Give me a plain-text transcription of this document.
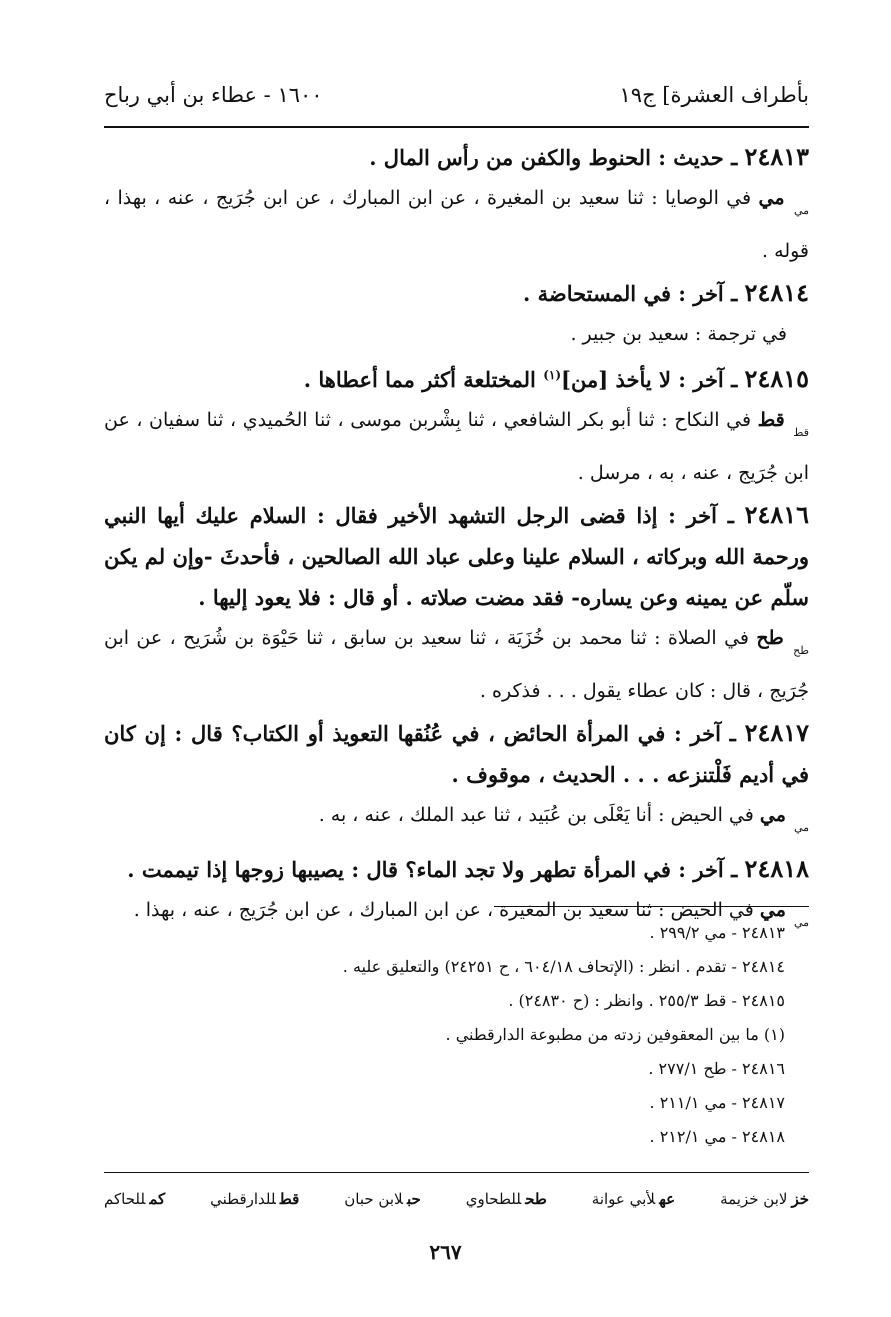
بأطراف العشرة] ج١٩
١٦٠٠ - عطاء بن أبي رباح

٢٤٨١٣ ـ حديث : الحنوط والكفن من رأس المال .

$_{مي}$ مي في الوصايا : ثنا سعيد بن المغيرة ، عن ابن المبارك ، عن ابن جُرَيج ، عنه ، بهذا ، قوله .

٢٤٨١٤ ـ آخر : في المستحاضة .

في ترجمة : سعيد بن جبير .

٢٤٨١٥ ـ آخر : لا يأخذ [من]$^{(١)}$ المختلعة أكثر مما أعطاها .

$_{قط}$ قط في النكاح : ثنا أبو بكر الشافعي ، ثنا بِشْربن موسى ، ثنا الحُميدي ، ثنا سفيان ، عن ابن جُرَيج ، عنه ، به ، مرسل .

٢٤٨١٦ ـ آخر : إذا قضى الرجل التشهد الأخير فقال : السلام عليك أيها النبي ورحمة الله وبركاته ، السلام علينا وعلى عباد الله الصالحين ، فأحدثَ -وإن لم يكن سلّم عن يمينه وعن يساره- فقد مضت صلاته . أو قال : فلا يعود إليها .

$_{طح}$ طح في الصلاة : ثنا محمد بن خُزَيَة ، ثنا سعيد بن سابق ، ثنا حَيْوَة بن شُرَيح ، عن ابن جُرَيج ، قال : كان عطاء يقول . . . فذكره .

٢٤٨١٧ ـ آخر : في المرأة الحائض ، في عُنُقها التعويذ أو الكتاب؟ قال : إن كان في أديم فَلْتنزعه . . . الحديث ، موقوف .

$_{مي}$ مي في الحيض : أنا يَعْلَى بن عُبَيد ، ثنا عبد الملك ، عنه ، به .

٢٤٨١٨ ـ آخر : في المرأة تطهر ولا تجد الماء؟ قال : يصيبها زوجها إذا تيممت .

$_{مي}$ مي في الحيض : ثنا سعيد بن المغيرة ، عن ابن المبارك ، عن ابن جُرَيج ، عنه ، بهذا .

٢٤٨١٣ - مي ٢٩٩/٢ .

٢٤٨١٤ - تقدم . انظر : (الإتحاف ٦٠٤/١٨ ، ح ٢٤٢٥١) والتعليق عليه .

٢٤٨١٥ - قط ٢٥٥/٣ . وانظر : (ح ٢٤٨٣٠) .

(١) ما بين المعقوفين زدته من مطبوعة الدارقطني .

٢٤٨١٦ - طح ٢٧٧/١ .

٢٤٨١٧ - مي ٢١١/١ .

٢٤٨١٨ - مي ٢١٢/١ .

خزلابن خزيمة
عهلأبي عوانة
طحللطحاوي
حبلابن حبان
قطللدارقطني
كمللحاكم
٢٦٧
